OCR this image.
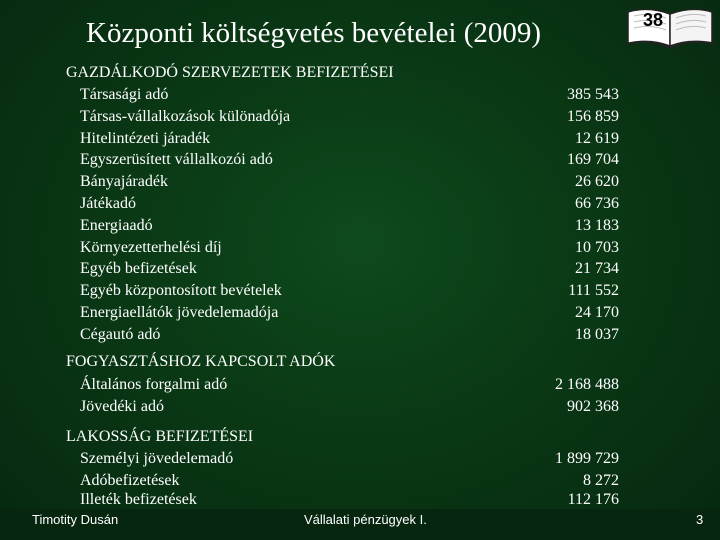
Központi költségvetés bevételei (2009)	38
GAZDÁLKODÓ SZERVEZETEK BEFIZETÉSEI
Társasági adó	385 543
Társas-vállalkozások különadója	156 859
Hitelintézeti járadék	12 619
Egyszerüsített vállalkozói adó	169 704
Bányajáradék	26 620
Játékadó	66 736
Energiaadó	13 183
Környezetterhelési díj	10 703
Egyéb befizetések	21 734
Egyéb központosított bevételek	111 552
Energiaellátók jövedelemadója	24 170
Cégautó adó	18 037
FOGYASZTÁSHOZ KAPCSOLT ADÓK
Általános forgalmi adó	2 168 488
Jövedéki adó	902 368
LAKOSSÁG BEFIZETÉSEI
Személyi jövedelemadó	1 899 729
Adóbefizetések	8 272
Illeték befizetések	112 176
Timotity Dusán	Vállalati pénzügyek I.	3
